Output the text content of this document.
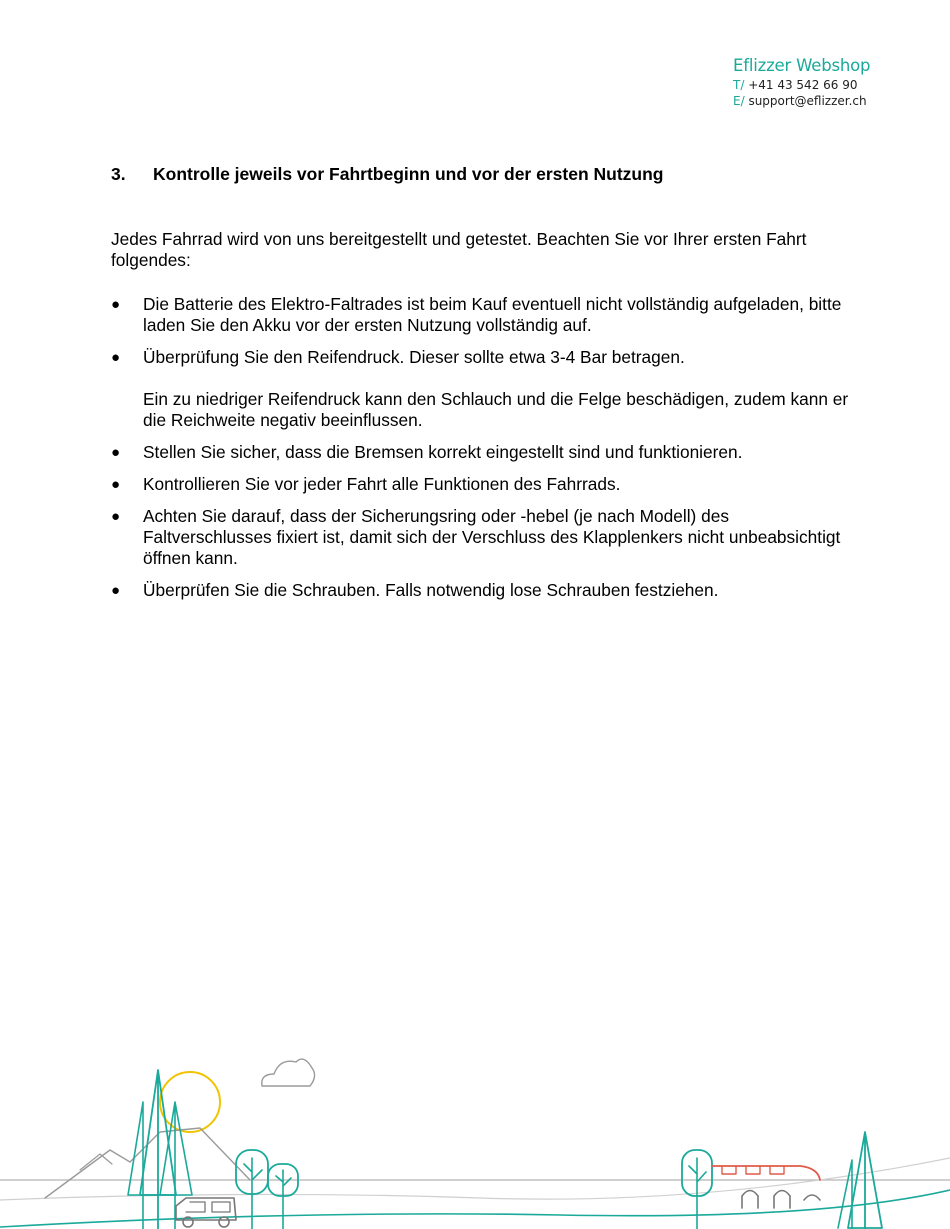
Eflizzer Webshop
T/ +41 43 542 66 90
E/ support@eflizzer.ch
3. Kontrolle jeweils vor Fahrtbeginn und vor der ersten Nutzung
Jedes Fahrrad wird von uns bereitgestellt und getestet. Beachten Sie vor Ihrer ersten Fahrt folgendes:
● Die Batterie des Elektro-Faltrades ist beim Kauf eventuell nicht vollständig aufgeladen, bitte laden Sie den Akku vor der ersten Nutzung vollständig auf.
● Überprüfung Sie den Reifendruck. Dieser sollte etwa 3-4 Bar betragen.
Ein zu niedriger Reifendruck kann den Schlauch und die Felge beschädigen, zudem kann er die Reichweite negativ beeinflussen.
● Stellen Sie sicher, dass die Bremsen korrekt eingestellt sind und funktionieren.
● Kontrollieren Sie vor jeder Fahrt alle Funktionen des Fahrrads.
● Achten Sie darauf, dass der Sicherungsring oder -hebel (je nach Modell) des Faltverschlusses fixiert ist, damit sich der Verschluss des Klapplenkers nicht unbeabsichtigt öffnen kann.
● Überprüfen Sie die Schrauben. Falls notwendig lose Schrauben festziehen.
